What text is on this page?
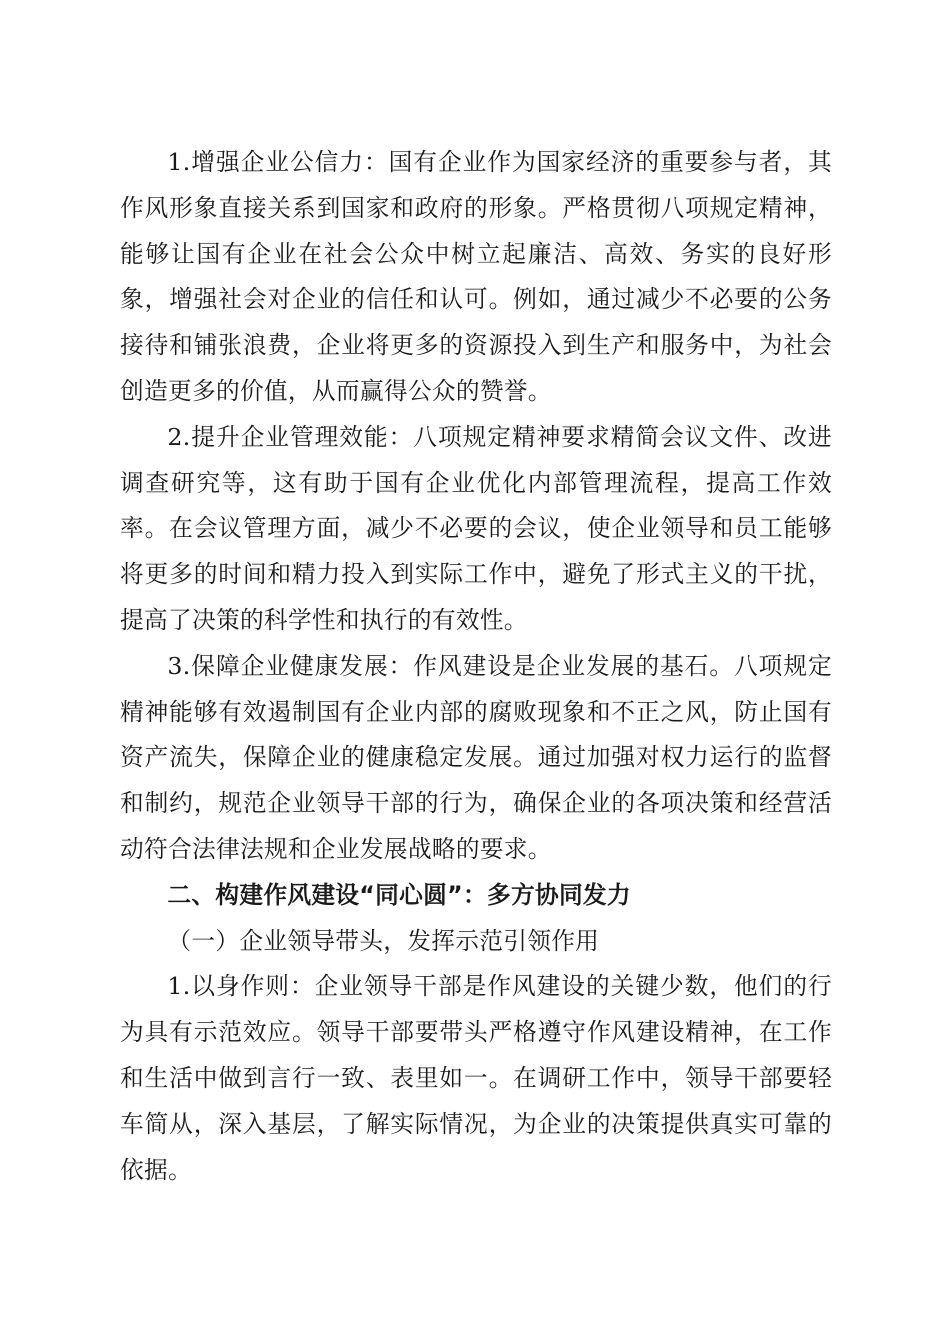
1.增强企业公信力：国有企业作为国家经济的重要参与者，其作风形象直接关系到国家和政府的形象。严格贯彻八项规定精神，能够让国有企业在社会公众中树立起廉洁、高效、务实的良好形象，增强社会对企业的信任和认可。例如，通过减少不必要的公务接待和铺张浪费，企业将更多的资源投入到生产和服务中，为社会创造更多的价值，从而赢得公众的赞誉。

2.提升企业管理效能：八项规定精神要求精简会议文件、改进调查研究等，这有助于国有企业优化内部管理流程，提高工作效率。在会议管理方面，减少不必要的会议，使企业领导和员工能够将更多的时间和精力投入到实际工作中，避免了形式主义的干扰，提高了决策的科学性和执行的有效性。

3.保障企业健康发展：作风建设是企业发展的基石。八项规定精神能够有效遏制国有企业内部的腐败现象和不正之风，防止国有资产流失，保障企业的健康稳定发展。通过加强对权力运行的监督和制约，规范企业领导干部的行为，确保企业的各项决策和经营活动符合法律法规和企业发展战略的要求。

二、构建作风建设“同心圆”：多方协同发力

（一）企业领导带头，发挥示范引领作用

1.以身作则：企业领导干部是作风建设的关键少数，他们的行为具有示范效应。领导干部要带头严格遵守作风建设精神，在工作和生活中做到言行一致、表里如一。在调研工作中，领导干部要轻车简从，深入基层，了解实际情况，为企业的决策提供真实可靠的依据。
